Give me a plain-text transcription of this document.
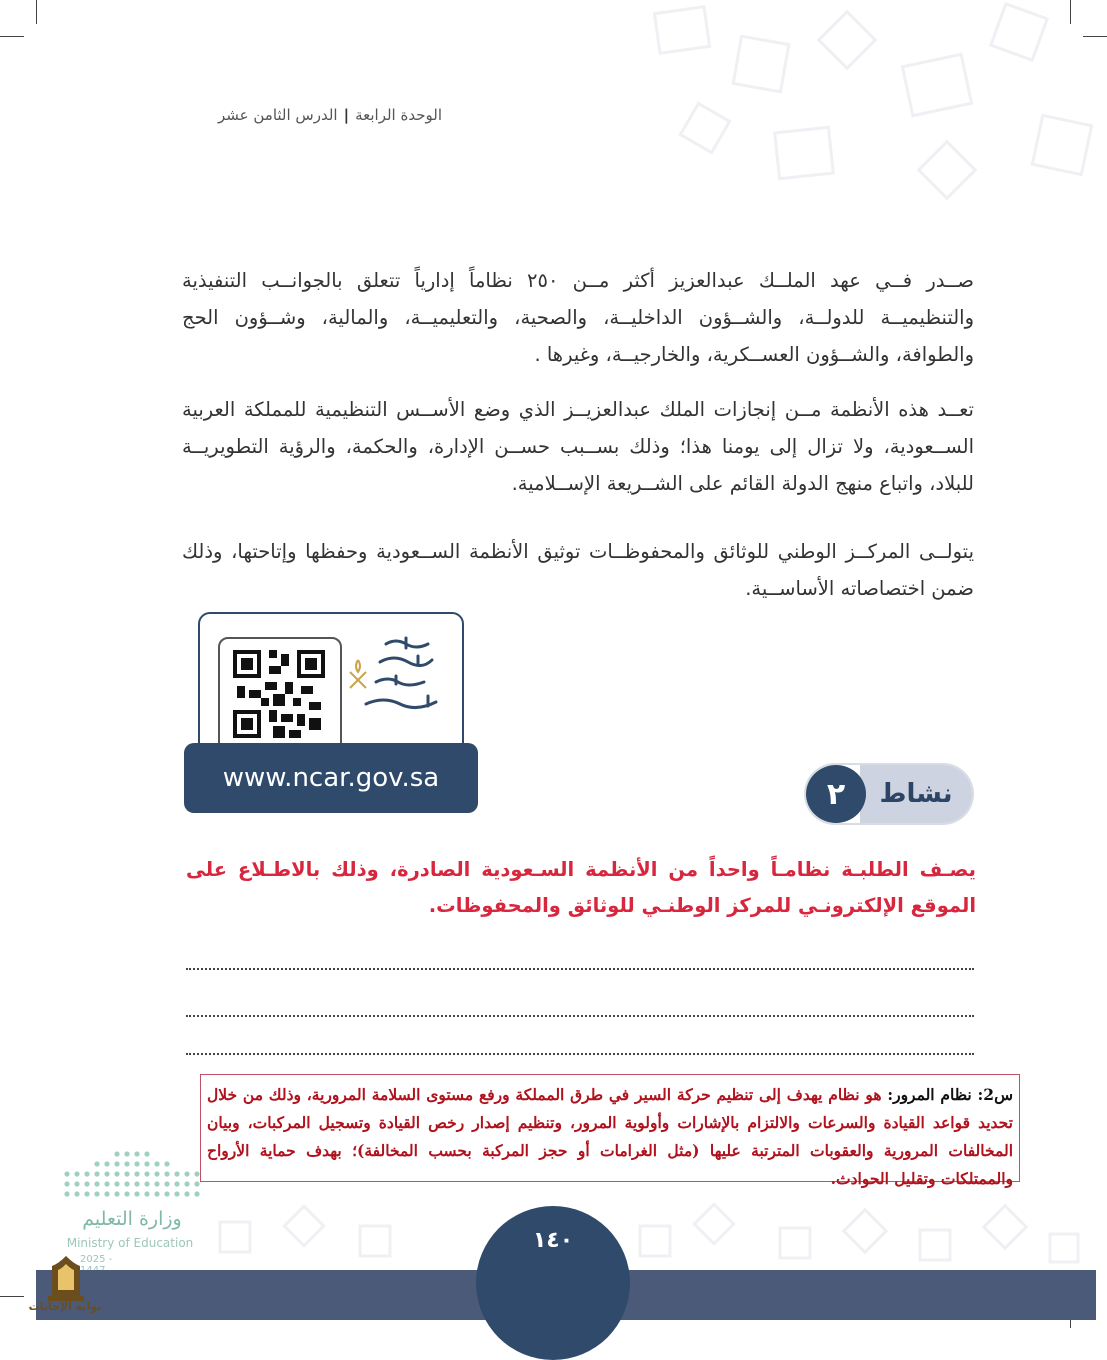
الوحدة الرابعة|الدرس الثامن عشر

صــدر فــي عهد الملــك عبدالعزيز أكثر مــن ٢٥٠ نظاماً إدارياً تتعلق بالجوانــب التنفيذية والتنظيميــة للدولــة، والشــؤون الداخليــة، والصحية، والتعليميــة، والمالية، وشــؤون الحج والطوافة، والشــؤون العســكرية، والخارجيــة، وغيرها .

تعــد هذه الأنظمة مــن إنجازات الملك عبدالعزيــز الذي وضع الأســس التنظيمية للمملكة العربية الســعودية، ولا تزال إلى يومنا هذا؛ وذلك بســبب حســن الإدارة، والحكمة، والرؤية التطويريــة للبلاد، واتباع منهج الدولة القائم على الشــريعة الإســلامية.

يتولــى المركــز الوطني للوثائق والمحفوظــات توثيق الأنظمة الســعودية وحفظها وإتاحتها، وذلك ضمن اختصاصاته الأساســية.

www.ncar.gov.sa
نشاط
٢

يصـف الطلبـة نظامـاً واحداً من الأنظمة السـعودية الصادرة، وذلك بالاطـلاع على الموقع الإلكترونـي للمركز الوطنـي للوثائق والمحفوظات.

س2: نظام المرور: هو نظام يهدف إلى تنظيم حركة السير في طرق المملكة ورفع مستوى السلامة المرورية، وذلك من خلال تحديد قواعد القيادة والسرعات والالتزام بالإشارات وأولوية المرور، وتنظيم إصدار رخص القيادة وتسجيل المركبات، وبيان المخالفات المرورية والعقوبات المترتبة عليها (مثل الغرامات أو حجز المركبة بحسب المخالفة)؛ بهدف حماية الأرواح والممتلكات وتقليل الحوادث.

وزارة التعليم
Ministry of Education
2025 -
١٤٠
بوابة الإجابات
